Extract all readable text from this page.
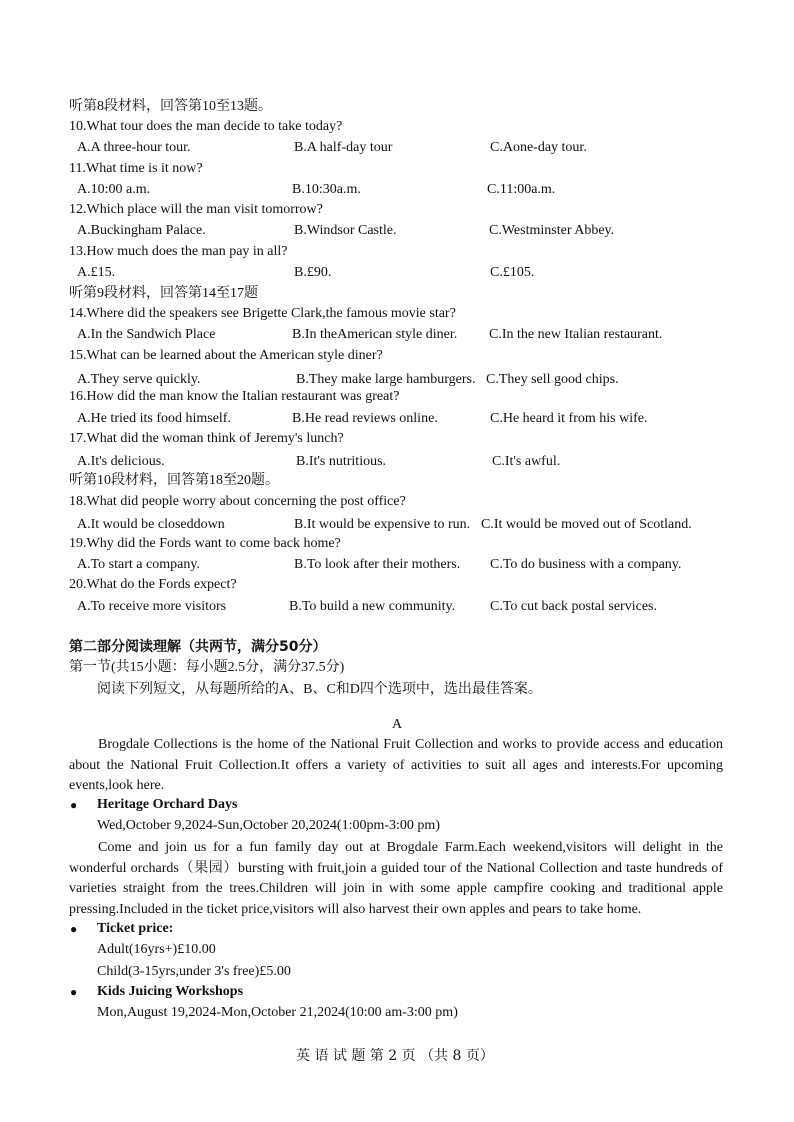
听第8段材料，回答第10至13题。
10.What tour does the man decide to take today?
A.A three-hour tour.	B.A half-day tour	C.Aone-day tour.
11.What time is it now?
A.10:00 a.m.	B.10:30a.m.	C.11:00a.m.
12.Which place will the man visit tomorrow?
A.Buckingham Palace.	B.Windsor Castle.	C.Westminster Abbey.
13.How much does the man pay in all?
A.£15.	B.£90.	C.£105.
听第9段材料，回答第14至17题
14.Where did the speakers see Brigette Clark,the famous movie star?
A.In the Sandwich Place	B.In theAmerican style diner. C.In the new Italian restaurant.
15.What can be learned about the American style diner?
A.They serve quickly.	B.They make large hamburgers. C.They sell good chips.
16.How did the man know the Italian restaurant was great?
A.He tried its food himself.	B.He read reviews online.	C.He heard it from his wife.
17.What did the woman think of Jeremy's lunch?
A.It's delicious.	B.It's nutritious.	C.It's awful.
听第10段材料，回答第18至20题。
18.What did people worry about concerning the post office?
A.It would be closeddown	B.It would be expensive to run. C.It would be moved out of Scotland.
19.Why did the Fords want to come back home?
A.To start a company.	B.To look after their mothers. C.To do business with a company.
20.What do the Fords expect?
A.To receive more visitors	B.To build a new community. C.To cut back postal services.
第二部分阅读理解（共两节，满分50分）
第一节(共15小题：每小题2.5分，满分37.5分)
阅读下列短文，从每题所给的A、B、C和D四个选项中，选出最佳答案。
A
Brogdale Collections is the home of the National Fruit Collection and works to provide access and education about the National Fruit Collection.It offers a variety of activities to suit all ages and interests.For upcoming events,look here.
● Heritage Orchard Days
Wed,October 9,2024-Sun,October 20,2024(1:00pm-3:00 pm)
Come and join us for a fun family day out at Brogdale Farm.Each weekend,visitors will delight in the wonderful orchards（果园）bursting with fruit,join a guided tour of the National Collection and taste hundreds of varieties straight from the trees.Children will join in with some apple campfire cooking and traditional apple pressing.Included in the ticket price,visitors will also harvest their own apples and pears to take home.
● Ticket price:
Adult(16yrs+)£10.00
Child(3-15yrs,under 3's free)£5.00
● Kids Juicing Workshops
Mon,August 19,2024-Mon,October 21,2024(10:00 am-3:00 pm)
英 语 试 题 第 2 页 （共 8 页）
